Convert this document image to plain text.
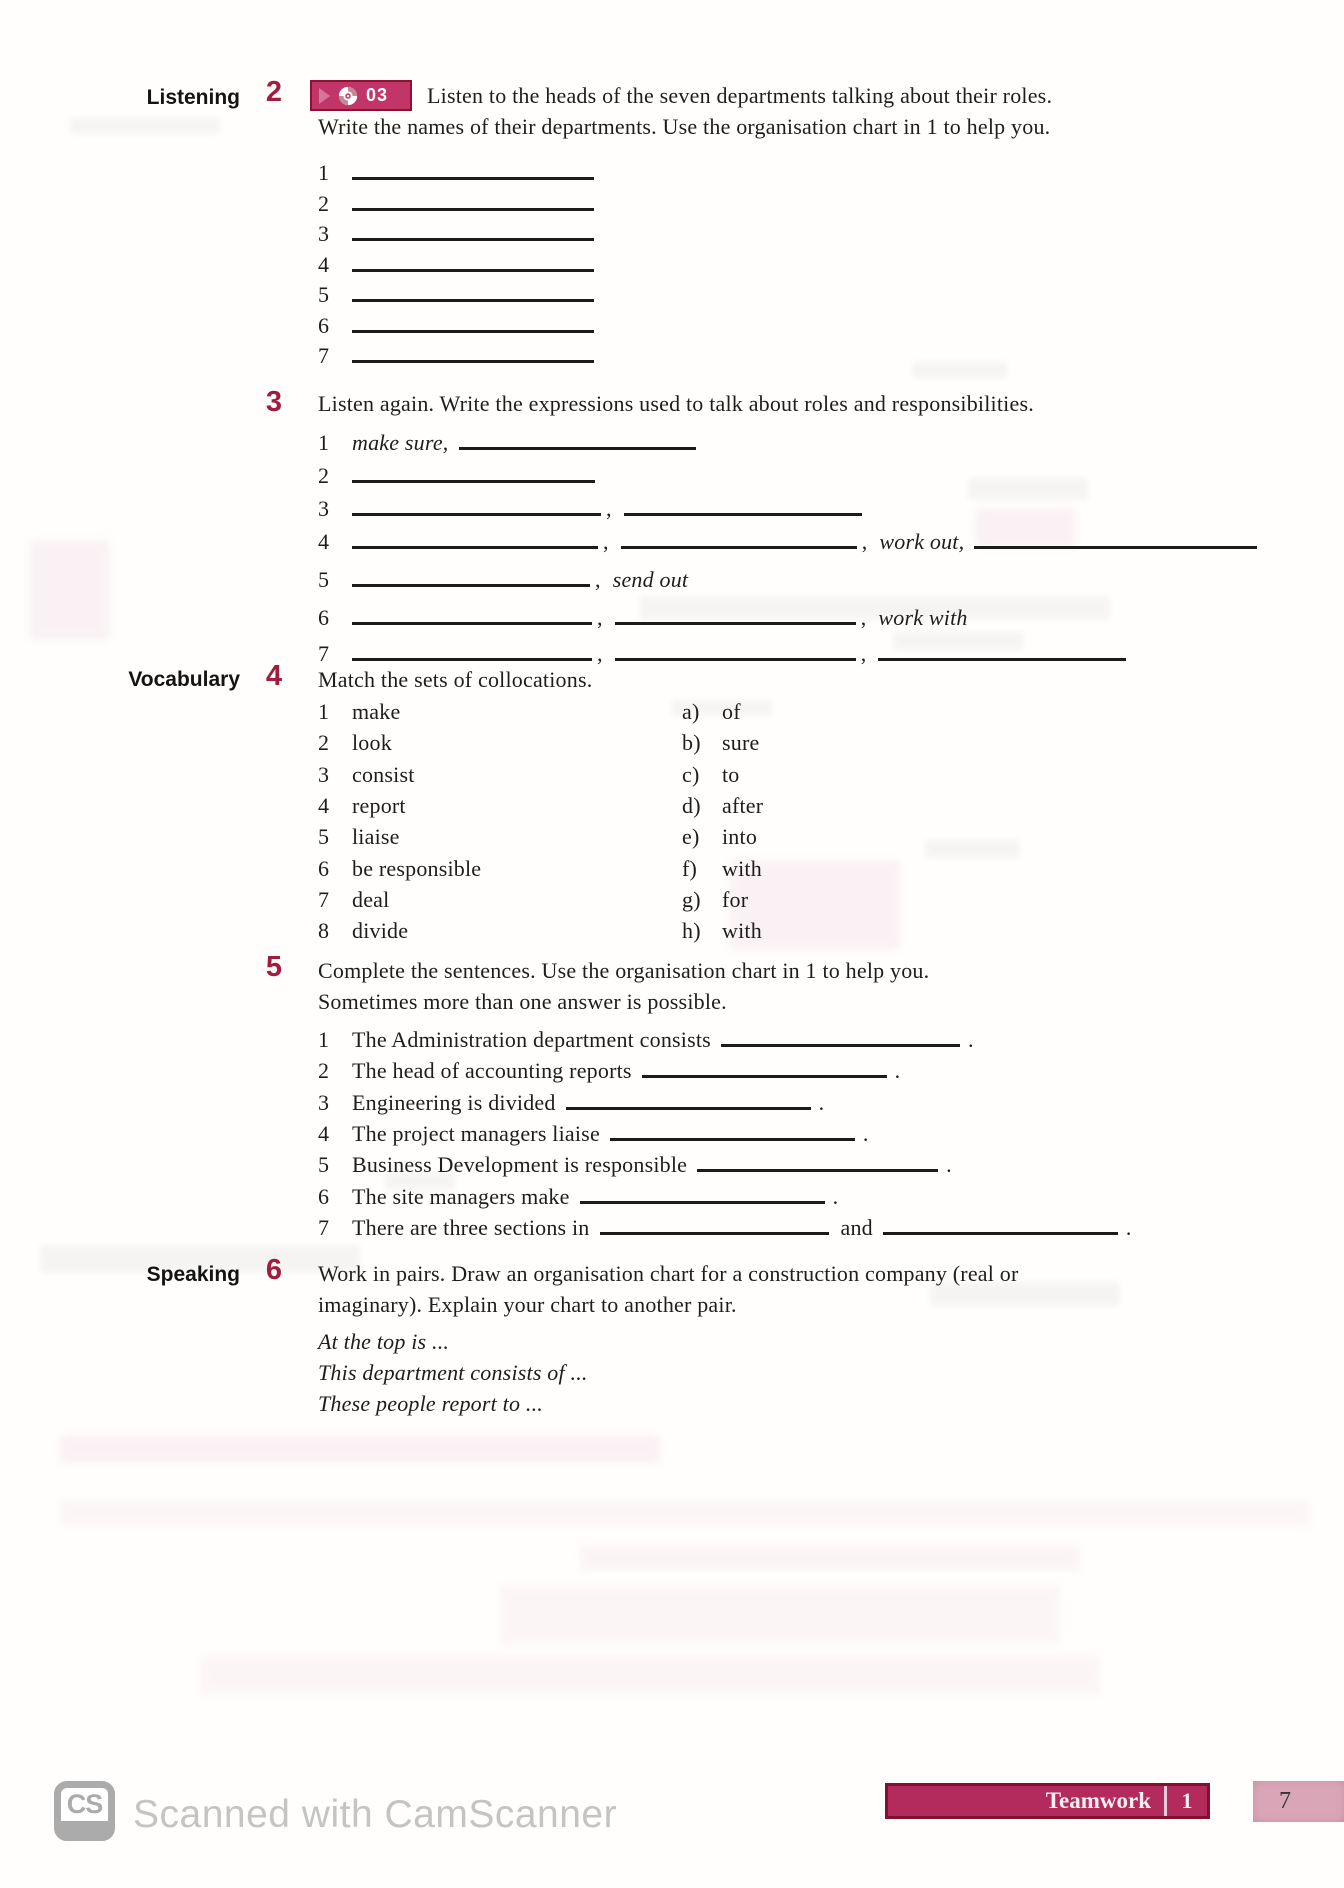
Listening 2	03 Listen to the heads of the seven departments talking about their roles.
Write the names of their departments. Use the organisation chart in 1 to help you.
1
2
3
4
5
6
7
3	Listen again. Write the expressions used to talk about roles and responsibilities.
1 make sure,
2
3	,
4	,	, work out,
5	, send out
6	,	, work with
7	,	,
Vocabulary 4	Match the sets of collocations.
1 make	a) of
2 look	b) sure
3 consist	c) to
4 report	d) after
5 liaise	e) into
6 be responsible	f) with
7 deal	g) for
8 divide	h) with
5	Complete the sentences. Use the organisation chart in 1 to help you.
Sometimes more than one answer is possible.
1 The Administration department consists	.
2 The head of accounting reports	.
3 Engineering is divided	.
4 The project managers liaise	.
5 Business Development is responsible	.
6 The site managers make	.
7 There are three sections in	and	.
Speaking 6	Work in pairs. Draw an organisation chart for a construction company (real or
imaginary). Explain your chart to another pair.
At the top is ...
This department consists of ...
These people report to ...
CS Scanned with CamScanner	Teamwork	1	7
